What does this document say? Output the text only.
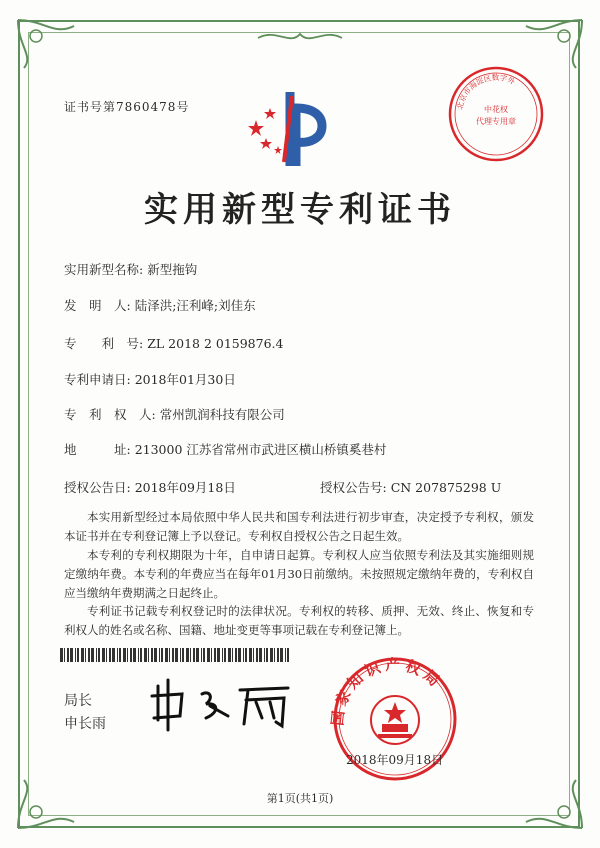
证书号第7860478号	北京市海淀区数字外
中花权
代理专用章
实用新型专利证书
实用新型名称: 新型拖钩
发　明　人: 陆泽洪;汪利峰;刘佳东
专　　利　号: ZL 2018 2 0159876.4
专利申请日: 2018年01月30日
专　利　权　人: 常州凯润科技有限公司
地　　　址: 213000 江苏省常州市武进区横山桥镇奚巷村
授权公告日: 2018年09月18日	授权公告号: CN 207875298 U

本实用新型经过本局依照中华人民共和国专利法进行初步审查，决定授予专利权，颁发本证书并在专利登记簿上予以登记。专利权自授权公告之日起生效。

本专利的专利权期限为十年，自申请日起算。专利权人应当依照专利法及其实施细则规定缴纳年费。本专利的年费应当在每年01月30日前缴纳。未按照规定缴纳年费的，专利权自应当缴纳年费期满之日起终止。

专利证书记载专利权登记时的法律状况。专利权的转移、质押、无效、终止、恢复和专利权人的姓名或名称、国籍、地址变更等事项记载在专利登记簿上。

局长
申长雨	国家知识产权局
2018年09月18日
第1页(共1页)
